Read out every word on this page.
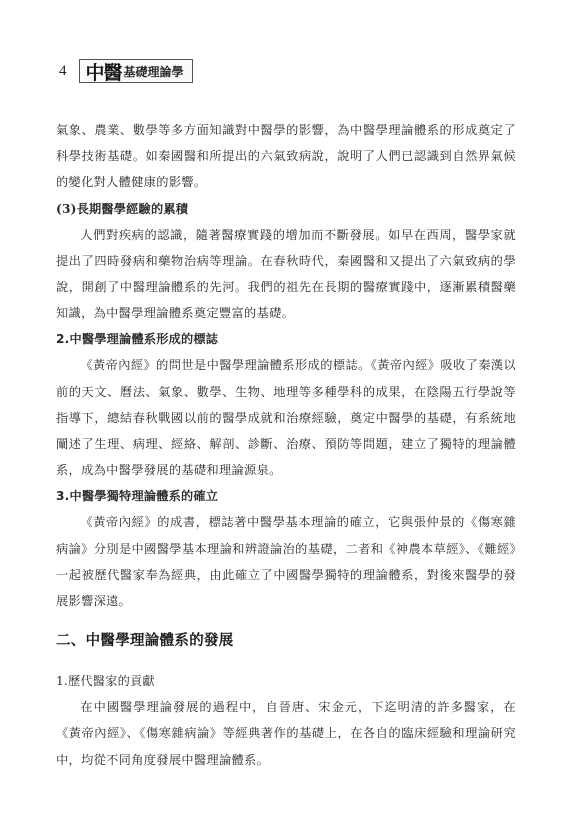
4 中醫 基礎理論學

氣象、農業、數學等多方面知識對中醫學的影響，為中醫學理論體系的形成奠定了科學技術基礎。如秦國醫和所提出的六氣致病說，說明了人們已認識到自然界氣候的變化對人體健康的影響。

(3)長期醫學經驗的累積

人們對疾病的認識，隨著醫療實踐的增加而不斷發展。如早在西周，醫學家就提出了四時發病和藥物治病等理論。在春秋時代，秦國醫和又提出了六氣致病的學說，開創了中醫理論體系的先河。我們的祖先在長期的醫療實踐中，逐漸累積醫藥知識，為中醫學理論體系奠定豐富的基礎。

2.中醫學理論體系形成的標誌

《黃帝內經》的問世是中醫學理論體系形成的標誌。《黃帝內經》吸收了秦漢以前的天文、曆法、氣象、數學、生物、地理等多種學科的成果，在陰陽五行學說等指導下，總結春秋戰國以前的醫學成就和治療經驗，奠定中醫學的基礎，有系統地闡述了生理、病理、經絡、解剖、診斷、治療、預防等問題，建立了獨特的理論體系，成為中醫學發展的基礎和理論源泉。

3.中醫學獨特理論體系的確立

《黃帝內經》的成書，標誌著中醫學基本理論的確立，它與張仲景的《傷寒雜病論》分別是中國醫學基本理論和辨證論治的基礎，二者和《神農本草經》、《難經》一起被歷代醫家奉為經典，由此確立了中國醫學獨特的理論體系，對後來醫學的發展影響深遠。

二、中醫學理論體系的發展

1.歷代醫家的貢獻

在中國醫學理論發展的過程中，自晉唐、宋金元，下迄明清的許多醫家，在《黃帝內經》、《傷寒雜病論》等經典著作的基礎上，在各自的臨床經驗和理論研究中，均從不同角度發展中醫理論體系。
